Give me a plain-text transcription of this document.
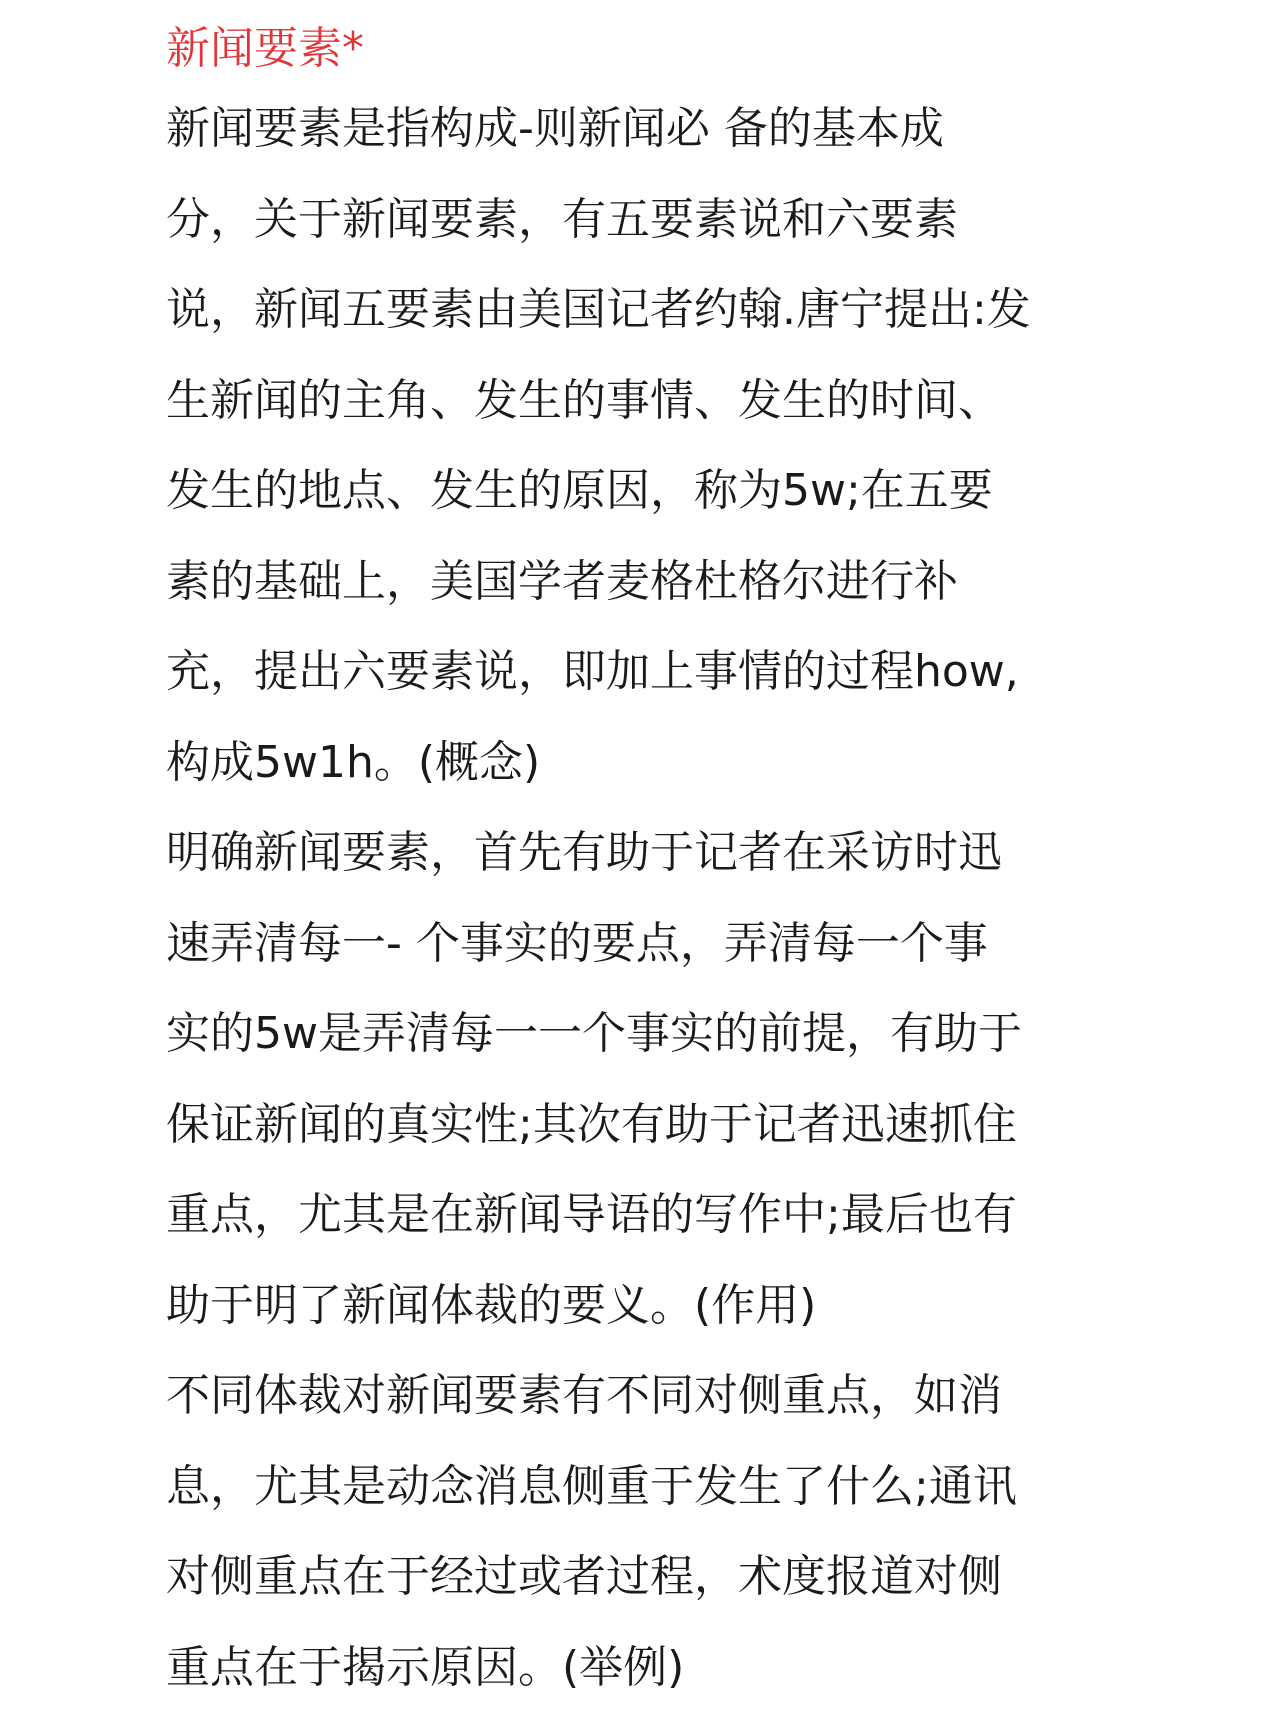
新闻要素*

新闻要素是指构成-则新闻必 备的基本成

分，关于新闻要素，有五要素说和六要素

说，新闻五要素由美国记者约翰.唐宁提出:发

生新闻的主角、发生的事情、发生的时间、

发生的地点、发生的原因，称为5w;在五要

素的基础上，美国学者麦格杜格尔进行补

充，提出六要素说，即加上事情的过程how,

构成5w1h。(概念)

明确新闻要素，首先有助于记者在采访时迅

速弄清每一- 个事实的要点，弄清每一个事

实的5w是弄清每一一个事实的前提，有助于

保证新闻的真实性;其次有助于记者迅速抓住

重点，尤其是在新闻导语的写作中;最后也有

助于明了新闻体裁的要义。(作用)

不同体裁对新闻要素有不同对侧重点，如消

息，尤其是动念消息侧重于发生了什么;通讯

对侧重点在于经过或者过程，术度报道对侧

重点在于揭示原因。(举例)
